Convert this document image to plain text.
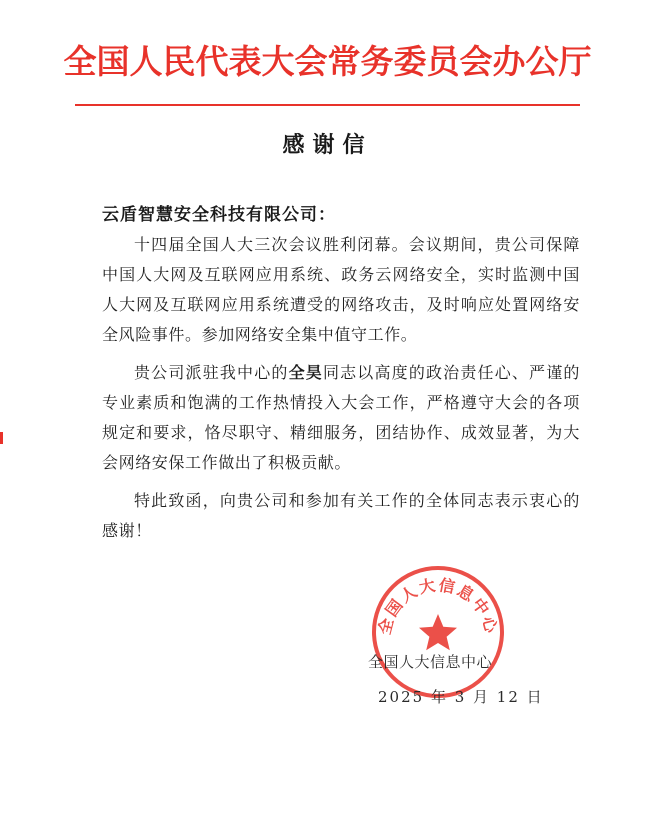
全国人民代表大会常务委员会办公厅
感谢信
云盾智慧安全科技有限公司：

十四届全国人大三次会议胜利闭幕。会议期间，贵公司保障中国人大网及互联网应用系统、政务云网络安全，实时监测中国人大网及互联网应用系统遭受的网络攻击，及时响应处置网络安全风险事件。参加网络安全集中值守工作。

贵公司派驻我中心的全昊同志以高度的政治责任心、严谨的专业素质和饱满的工作热情投入大会工作，严格遵守大会的各项规定和要求，恪尽职守、精细服务，团结协作、成效显著，为大会网络安保工作做出了积极贡献。

特此致函，向贵公司和参加有关工作的全体同志表示衷心的感谢！

全国人大信息中心
全国人大信息中心
2025 年 3 月 12 日
